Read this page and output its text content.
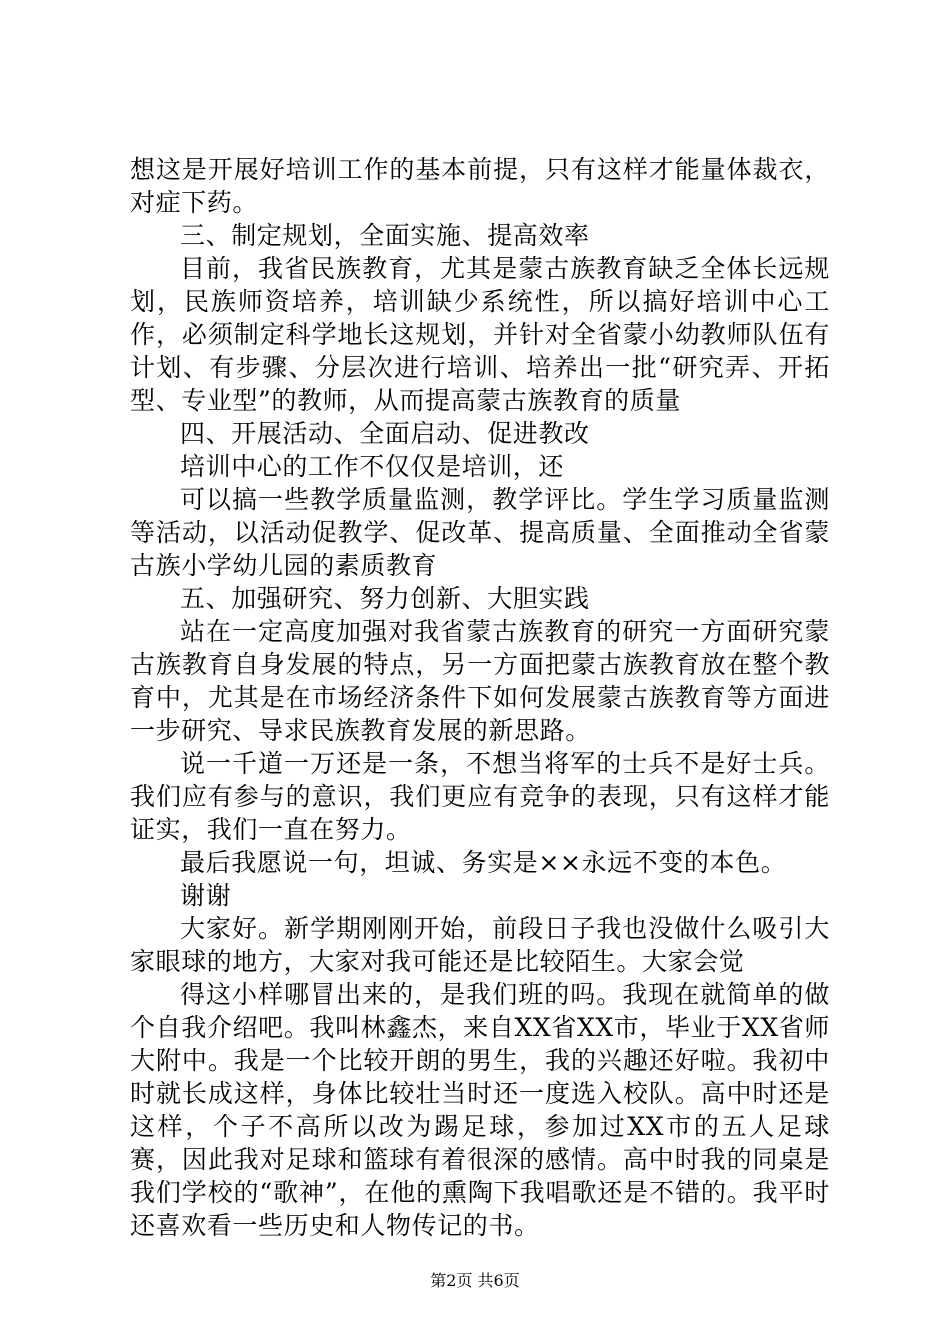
想这是开展好培训工作的基本前提，只有这样才能量体裁衣，对症下药。

三、制定规划，全面实施、提高效率

目前，我省民族教育，尤其是蒙古族教育缺乏全体长远规划，民族师资培养，培训缺少系统性，所以搞好培训中心工作，必须制定科学地长这规划，并针对全省蒙小幼教师队伍有计划、有步骤、分层次进行培训、培养出一批“研究弄、开拓型、专业型”的教师，从而提高蒙古族教育的质量

四、开展活动、全面启动、促进教改

培训中心的工作不仅仅是培训，还

可以搞一些教学质量监测，教学评比。学生学习质量监测等活动，以活动促教学、促改革、提高质量、全面推动全省蒙古族小学幼儿园的素质教育

五、加强研究、努力创新、大胆实践

站在一定高度加强对我省蒙古族教育的研究一方面研究蒙古族教育自身发展的特点，另一方面把蒙古族教育放在整个教育中，尤其是在市场经济条件下如何发展蒙古族教育等方面进一步研究、导求民族教育发展的新思路。

说一千道一万还是一条，不想当将军的士兵不是好士兵。我们应有参与的意识，我们更应有竞争的表现，只有这样才能证实，我们一直在努力。

最后我愿说一句，坦诚、务实是××永远不变的本色。

谢谢

大家好。新学期刚刚开始，前段日子我也没做什么吸引大家眼球的地方，大家对我可能还是比较陌生。大家会觉

得这小样哪冒出来的，是我们班的吗。我现在就简单的做个自我介绍吧。我叫林鑫杰，来自XX省XX市，毕业于XX省师大附中。我是一个比较开朗的男生，我的兴趣还好啦。我初中时就长成这样，身体比较壮当时还一度选入校队。高中时还是这样，个子不高所以改为踢足球，参加过XX市的五人足球赛，因此我对足球和篮球有着很深的感情。高中时我的同桌是我们学校的“歌神”，在他的熏陶下我唱歌还是不错的。我平时还喜欢看一些历史和人物传记的书。

第2页 共6页
